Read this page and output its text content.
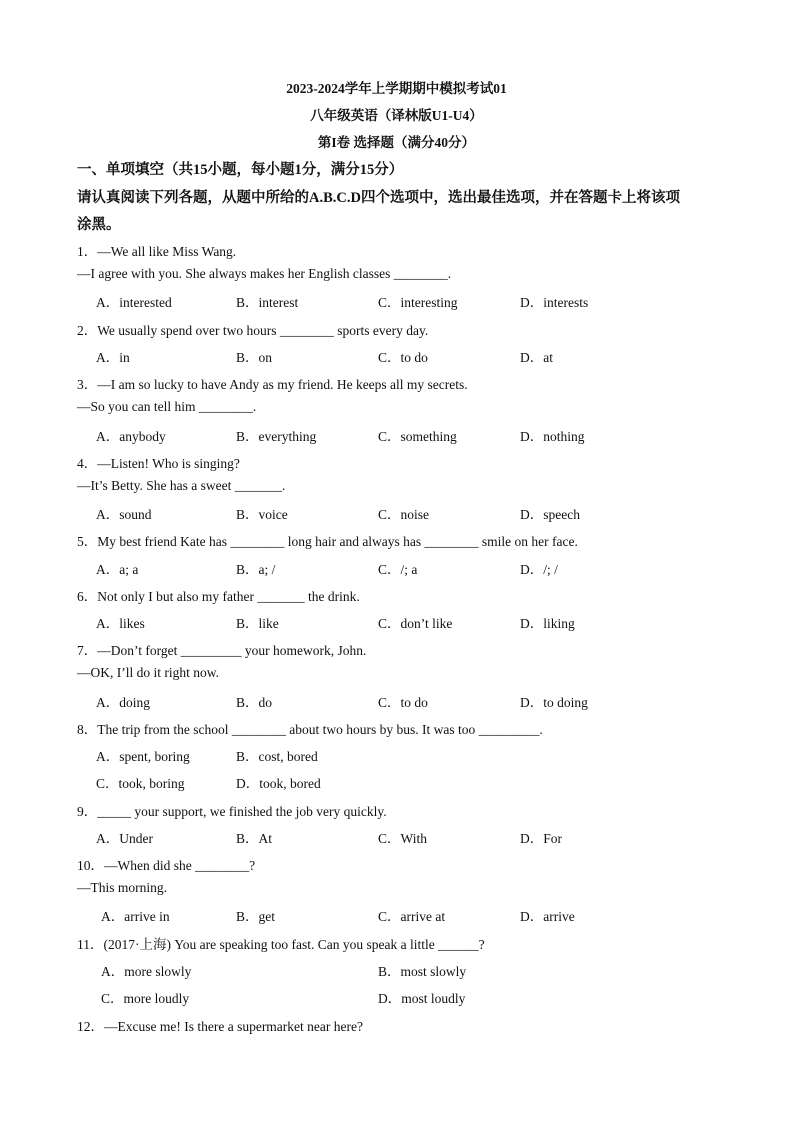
2023-2024学年上学期期中模拟考试01
八年级英语（译林版U1-U4）
第I卷 选择题（满分40分）
一、单项填空（共15小题，每小题1分，满分15分）
请认真阅读下列各题，从题中所给的A.B.C.D四个选项中，选出最佳选项，并在答题卡上将该项
涂黑。
1．—We all like Miss Wang.
—I agree with you. She always makes her English classes ________.
A．interested	B．interest	C．interesting	D．interests
2．We usually spend over two hours ________ sports every day.
A．in	B．on	C．to do	D．at
3．—I am so lucky to have Andy as my friend. He keeps all my secrets.
—So you can tell him ________.
A．anybody	B．everything	C．something	D．nothing
4．—Listen! Who is singing?
—It’s Betty. She has a sweet _______.
A．sound	B．voice	C．noise	D．speech
5．My best friend Kate has ________ long hair and always has ________ smile on her face.
A．a; a	B．a; /	C．/; a	D．/; /
6．Not only I but also my father _______ the drink.
A．likes	B．like	C．don’t like	D．liking
7．—Don’t forget _________ your homework, John.
—OK, I’ll do it right now.
A．doing	B．do	C．to do	D．to doing
8．The trip from the school ________ about two hours by bus. It was too _________.
A．spent, boring	B．cost, bored
C．took, boring	D．took, bored
9．_____ your support, we finished the job very quickly.
A．Under	B．At	C．With	D．For
10．—When did she ________?
—This morning.
A．arrive in	B．get	C．arrive at	D．arrive
11．(2017·上海) You are speaking too fast. Can you speak a little ______?
A．more slowly	B．most slowly
C．more loudly	D．most loudly
12．—Excuse me! Is there a supermarket near here?
